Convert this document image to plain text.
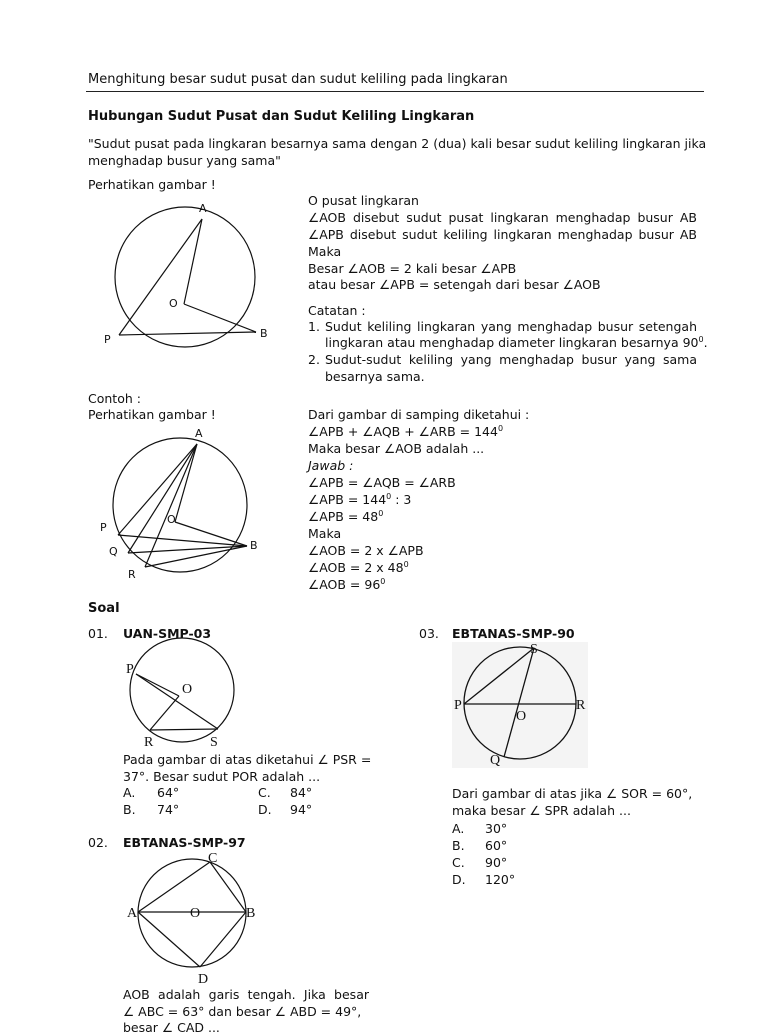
Menghitung besar sudut pusat dan sudut keliling pada lingkaran
Hubungan Sudut Pusat dan Sudut Keliling Lingkaran
"Sudut pusat pada lingkaran besarnya sama dengan 2 (dua) kali besar sudut keliling lingkaran jika
menghadap busur yang sama"
Perhatikan gambar !
A
O
P	B
O pusat lingkaran
∠AOB disebut sudut pusat lingkaran menghadap busur AB
∠APB disebut sudut keliling lingkaran menghadap busur AB
Maka
Besar ∠AOB = 2 kali besar ∠APB
atau besar ∠APB = setengah dari besar ∠AOB
Catatan :
1. Sudut keliling lingkaran yang menghadap busur setengah
lingkaran atau menghadap diameter lingkaran besarnya $90^0$.
2. Sudut-sudut keliling yang menghadap busur yang sama
besarnya sama.
Contoh :
Perhatikan gambar !
A
O
P
Q
R
B
Dari gambar di samping diketahui :
∠APB + ∠AQB + ∠ARB = $144^0$
Maka besar ∠AOB adalah ...
Jawab :
∠APB = ∠AQB = ∠ARB
∠APB = $144^0$ : 3
∠APB = $48^0$
Maka
∠AOB = 2 x ∠APB
∠AOB = 2 x $48^0$
∠AOB = $96^0$
Soal
01. UAN-SMP-03
P
O
R	S
Pada gambar di atas diketahui ∠ PSR =
37°. Besar sudut POR adalah ...
A. 64°
B. 74°
C. 84°
D. 94°
02. EBTANAS-SMP-97
A	O	B
C
D
AOB adalah garis tengah. Jika besar
∠ ABC = 63° dan besar ∠ ABD = 49°,
besar ∠ CAD ...
03. EBTANAS-SMP-90
S
P
O
R
Q
Dari gambar di atas jika ∠ SOR = 60°,
maka besar ∠ SPR adalah ...
A. 30°
B. 60°
C. 90°
D. 120°
